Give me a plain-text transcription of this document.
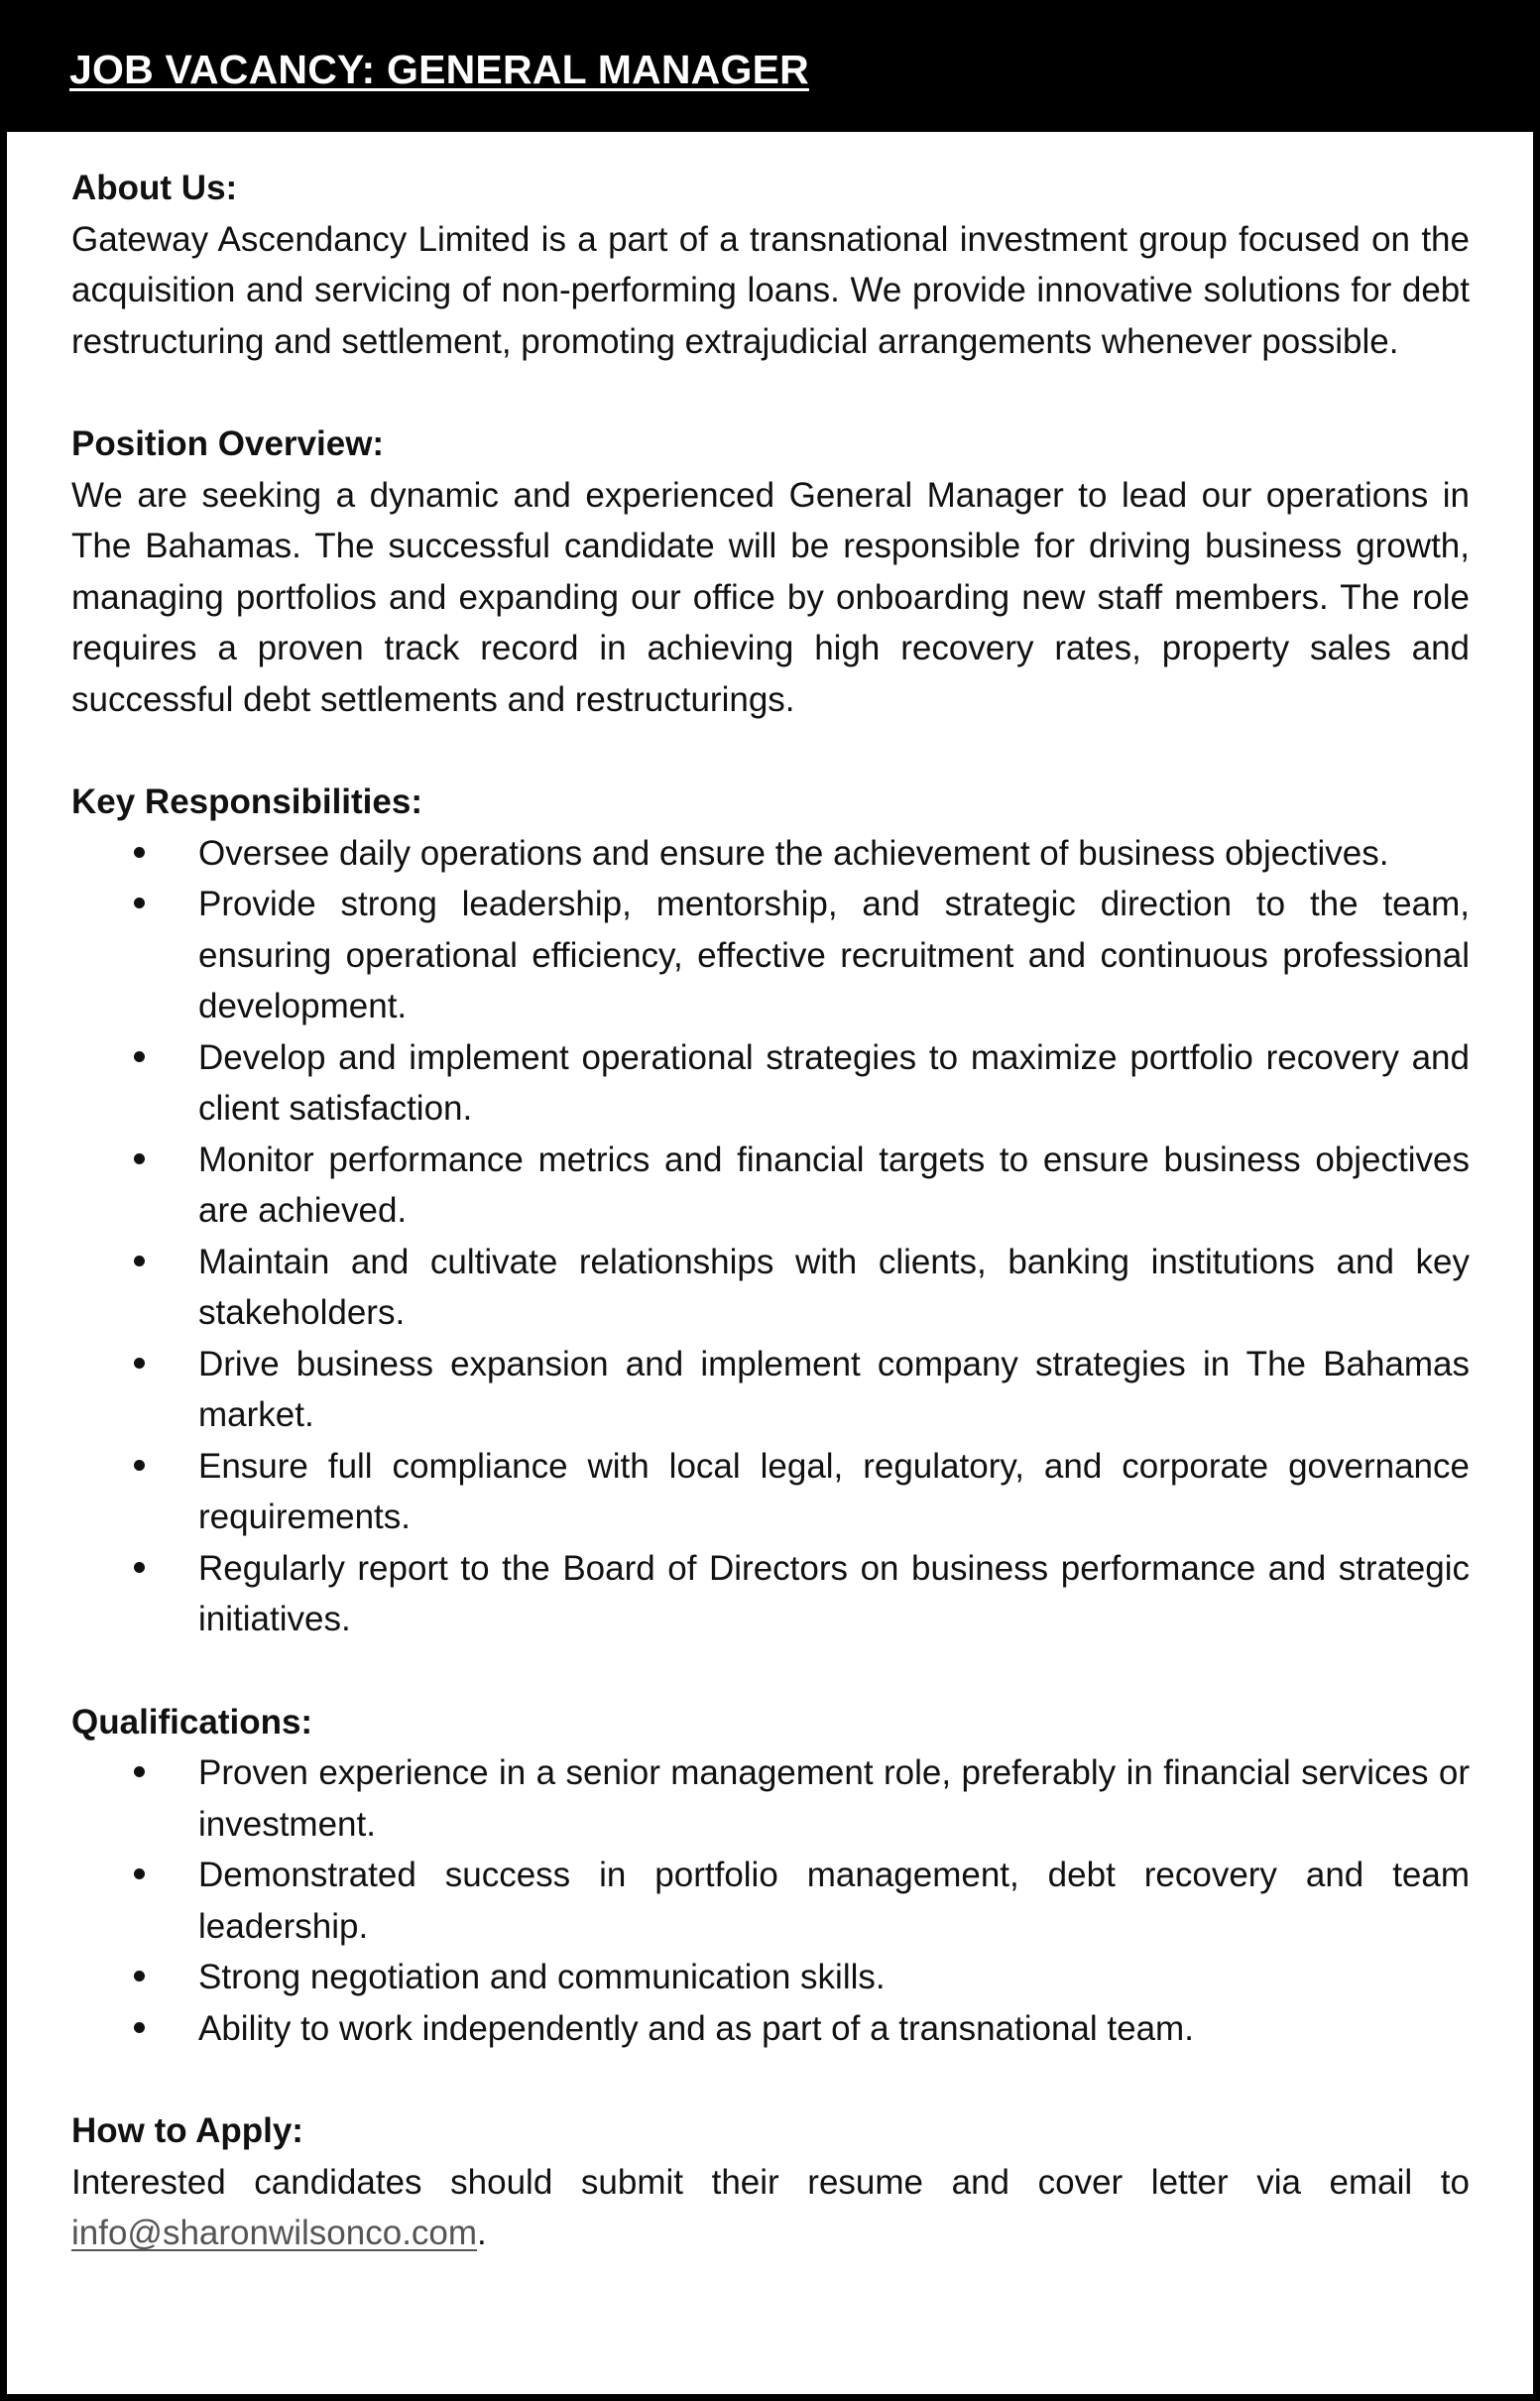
JOB VACANCY: GENERAL MANAGER
About Us:
Gateway Ascendancy Limited is a part of a transnational investment group focused on the acquisition and servicing of non-performing loans. We provide innovative solutions for debt restructuring and settlement, promoting extrajudicial arrangements whenever possible.
Position Overview:
We are seeking a dynamic and experienced General Manager to lead our operations in The Bahamas. The successful candidate will be responsible for driving business growth, managing portfolios and expanding our office by onboarding new staff members. The role requires a proven track record in achieving high recovery rates, property sales and successful debt settlements and restructurings.
Key Responsibilities:
Oversee daily operations and ensure the achievement of business objectives.
Provide strong leadership, mentorship, and strategic direction to the team, ensuring operational efficiency, effective recruitment and continuous professional development.
Develop and implement operational strategies to maximize portfolio recovery and client satisfaction.
Monitor performance metrics and financial targets to ensure business objectives are achieved.
Maintain and cultivate relationships with clients, banking institutions and key stakeholders.
Drive business expansion and implement company strategies in The Bahamas market.
Ensure full compliance with local legal, regulatory, and corporate governance requirements.
Regularly report to the Board of Directors on business performance and strategic initiatives.
Qualifications:
Proven experience in a senior management role, preferably in financial services or investment.
Demonstrated success in portfolio management, debt recovery and team leadership.
Strong negotiation and communication skills.
Ability to work independently and as part of a transnational team.
How to Apply:
Interested candidates should submit their resume and cover letter via email to info@sharonwilsonco.com.
